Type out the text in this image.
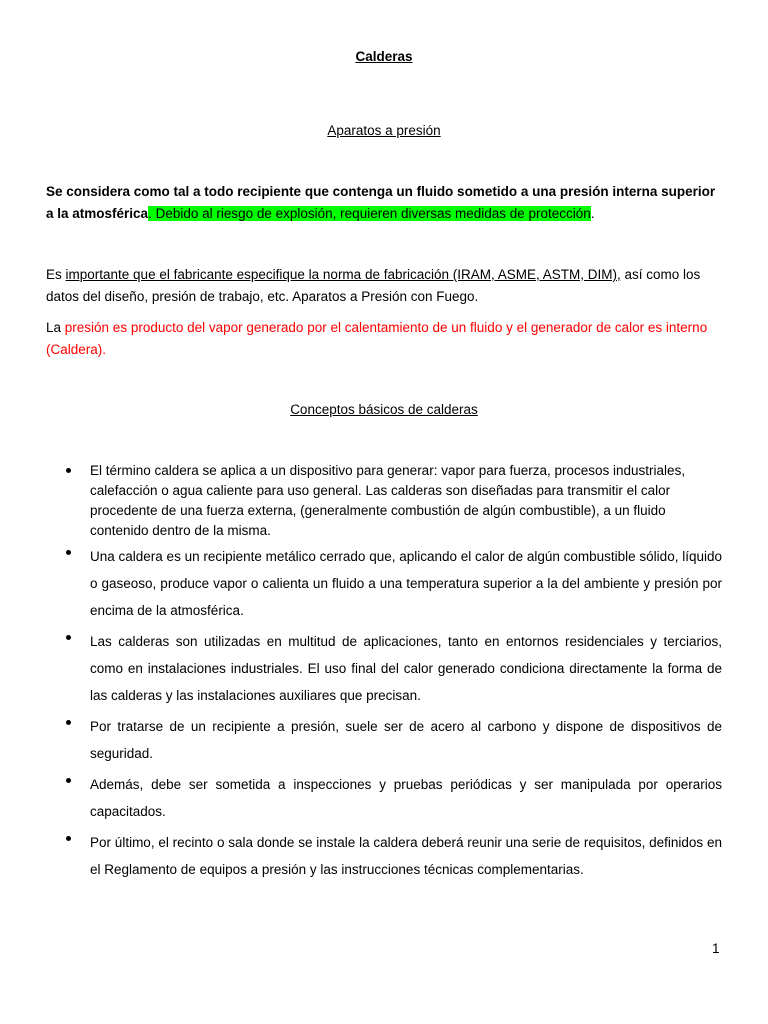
Calderas
Aparatos a presión
Se considera como tal a todo recipiente que contenga un fluido sometido a una presión interna superior a la atmosférica. Debido al riesgo de explosión, requieren diversas medidas de protección.
Es importante que el fabricante especifique la norma de fabricación (IRAM, ASME, ASTM, DIM), así como los datos del diseño, presión de trabajo, etc. Aparatos a Presión con Fuego.
La presión es producto del vapor generado por el calentamiento de un fluido y el generador de calor es interno (Caldera).
Conceptos básicos de calderas
El término caldera se aplica a un dispositivo para generar: vapor para fuerza, procesos industriales, calefacción o agua caliente para uso general. Las calderas son diseñadas para transmitir el calor procedente de una fuerza externa, (generalmente combustión de algún combustible), a un fluido contenido dentro de la misma.
Una caldera es un recipiente metálico cerrado que, aplicando el calor de algún combustible sólido, líquido o gaseoso, produce vapor o calienta un fluido a una temperatura superior a la del ambiente y presión por encima de la atmosférica.
Las calderas son utilizadas en multitud de aplicaciones, tanto en entornos residenciales y terciarios, como en instalaciones industriales. El uso final del calor generado condiciona directamente la forma de las calderas y las instalaciones auxiliares que precisan.
Por tratarse de un recipiente a presión, suele ser de acero al carbono y dispone de dispositivos de seguridad.
Además, debe ser sometida a inspecciones y pruebas periódicas y ser manipulada por operarios capacitados.
Por último, el recinto o sala donde se instale la caldera deberá reunir una serie de requisitos, definidos en el Reglamento de equipos a presión y las instrucciones técnicas complementarias.
1
